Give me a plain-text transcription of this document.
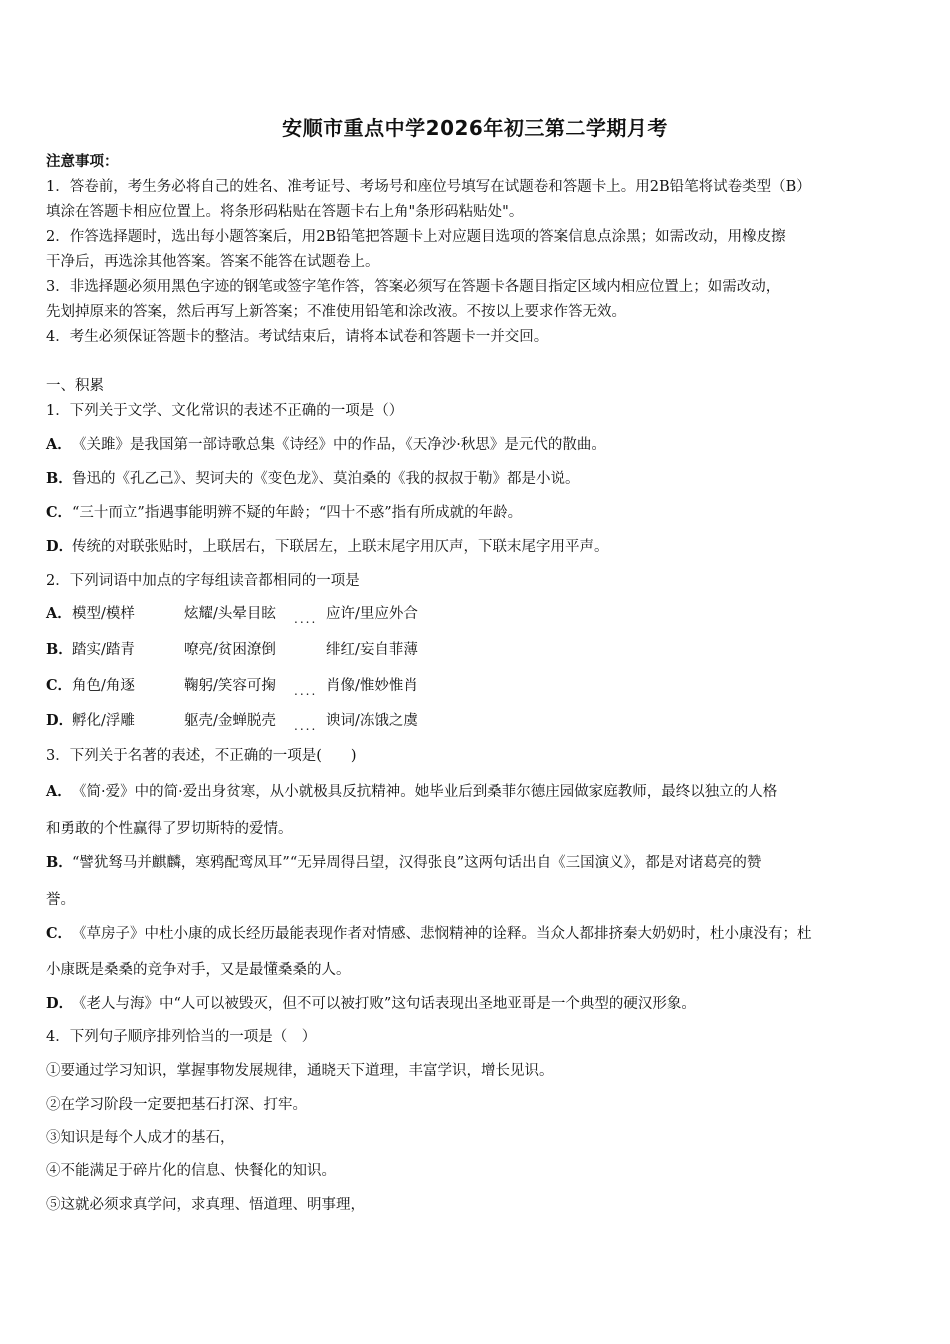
安顺市重点中学2026年初三第二学期月考
注意事项：
1．答卷前，考生务必将自己的姓名、准考证号、考场号和座位号填写在试题卷和答题卡上。用2B铅笔将试卷类型（B）
填涂在答题卡相应位置上。将条形码粘贴在答题卡右上角"条形码粘贴处"。
2．作答选择题时，选出每小题答案后，用2B铅笔把答题卡上对应题目选项的答案信息点涂黑；如需改动，用橡皮擦
干净后，再选涂其他答案。答案不能答在试题卷上。
3．非选择题必须用黑色字迹的钢笔或签字笔作答，答案必须写在答题卡各题目指定区域内相应位置上；如需改动，
先划掉原来的答案，然后再写上新答案；不准使用铅笔和涂改液。不按以上要求作答无效。
4．考生必须保证答题卡的整洁。考试结束后，请将本试卷和答题卡一并交回。
一、积累
1．下列关于文学、文化常识的表述不正确的一项是（）
A．《关雎》是我国第一部诗歌总集《诗经》中的作品，《天净沙·秋思》是元代的散曲。
B．鲁迅的《孔乙己》、契诃夫的《变色龙》、莫泊桑的《我的叔叔于勒》都是小说。
C．“三十而立”指遇事能明辨不疑的年龄；“四十不惑”指有所成就的年龄。
D．传统的对联张贴时，上联居右，下联居左，上联末尾字用仄声，下联末尾字用平声。
2．下列词语中加点的字每组读音都相同的一项是
A．模型/模样	炫耀/头晕目眩	应许/里应外合
....
B．踏实/踏青	嘹亮/贫困潦倒	绯红/妄自菲薄
C．角色/角逐	鞠躬/笑容可掬	肖像/惟妙惟肖
....
D．孵化/浮雕	躯壳/金蝉脱壳	谀词/冻饿之虞
....
3．下列关于名著的表述，不正确的一项是(　　)
A．《简·爱》中的简·爱出身贫寒，从小就极具反抗精神。她毕业后到桑菲尔德庄园做家庭教师，最终以独立的人格
和勇敢的个性赢得了罗切斯特的爱情。
B．“譬犹驽马并麒麟，寒鸦配鸾凤耳”“无异周得吕望，汉得张良”这两句话出自《三国演义》，都是对诸葛亮的赞
誉。
C．《草房子》中杜小康的成长经历最能表现作者对情感、悲悯精神的诠释。当众人都排挤秦大奶奶时，杜小康没有；杜
小康既是桑桑的竞争对手，又是最懂桑桑的人。
D．《老人与海》中“人可以被毁灭，但不可以被打败”这句话表现出圣地亚哥是一个典型的硬汉形象。
4．下列句子顺序排列恰当的一项是（　）
①要通过学习知识，掌握事物发展规律，通晓天下道理，丰富学识，增长见识。
②在学习阶段一定要把基石打深、打牢。
③知识是每个人成才的基石，
④不能满足于碎片化的信息、快餐化的知识。
⑤这就必须求真学问，求真理、悟道理、明事理，
